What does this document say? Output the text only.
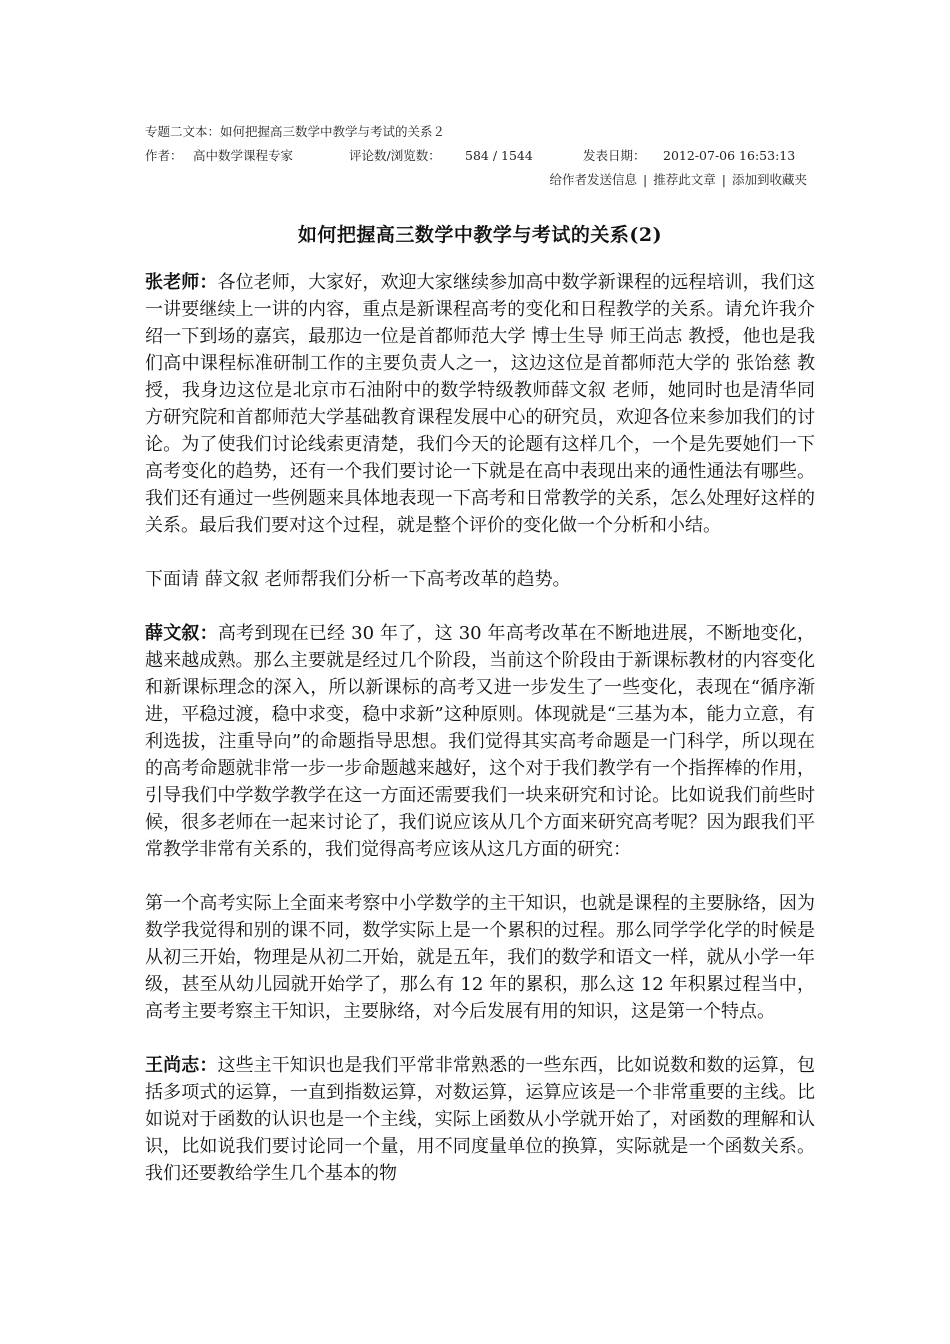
专题二文本：如何把握高三数学中教学与考试的关系２
作者： 高中数学课程专家	评论数/浏览数：	584 / 1544	发表日期：	2012-07-06 16:53:13
给作者发送信息 | 推荐此文章 | 添加到收藏夹
如何把握高三数学中教学与考试的关系(2)

张老师：各位老师，大家好，欢迎大家继续参加高中数学新课程的远程培训，我们这一讲要继续上一讲的内容，重点是新课程高考的变化和日程教学的关系。请允许我介绍一下到场的嘉宾，最那边一位是首都师范大学 博士生导 师王尚志 教授，他也是我们高中课程标准研制工作的主要负责人之一，这边这位是首都师范大学的 张饴慈 教授，我身边这位是北京市石油附中的数学特级教师薛文叙 老师，她同时也是清华同方研究院和首都师范大学基础教育课程发展中心的研究员，欢迎各位来参加我们的讨论。为了使我们讨论线索更清楚，我们今天的论题有这样几个，一个是先要她们一下高考变化的趋势，还有一个我们要讨论一下就是在高中表现出来的通性通法有哪些。我们还有通过一些例题来具体地表现一下高考和日常教学的关系，怎么处理好这样的关系。最后我们要对这个过程，就是整个评价的变化做一个分析和小结。

下面请 薛文叙 老师帮我们分析一下高考改革的趋势。

薛文叙：高考到现在已经 30 年了，这 30 年高考改革在不断地进展，不断地变化，越来越成熟。那么主要就是经过几个阶段，当前这个阶段由于新课标教材的内容变化和新课标理念的深入，所以新课标的高考又进一步发生了一些变化，表现在“循序渐进，平稳过渡，稳中求变，稳中求新”这种原则。体现就是“三基为本，能力立意，有利选拔，注重导向”的命题指导思想。我们觉得其实高考命题是一门科学，所以现在的高考命题就非常一步一步命题越来越好，这个对于我们教学有一个指挥棒的作用，引导我们中学数学教学在这一方面还需要我们一块来研究和讨论。比如说我们前些时候，很多老师在一起来讨论了，我们说应该从几个方面来研究高考呢？因为跟我们平常教学非常有关系的，我们觉得高考应该从这几方面的研究：

第一个高考实际上全面来考察中小学数学的主干知识，也就是课程的主要脉络，因为数学我觉得和别的课不同，数学实际上是一个累积的过程。那么同学学化学的时候是从初三开始，物理是从初二开始，就是五年，我们的数学和语文一样，就从小学一年级，甚至从幼儿园就开始学了，那么有 12 年的累积，那么这 12 年积累过程当中，高考主要考察主干知识，主要脉络，对今后发展有用的知识，这是第一个特点。

王尚志：这些主干知识也是我们平常非常熟悉的一些东西，比如说数和数的运算，包括多项式的运算，一直到指数运算，对数运算，运算应该是一个非常重要的主线。比如说对于函数的认识也是一个主线，实际上函数从小学就开始了，对函数的理解和认识，比如说我们要讨论同一个量，用不同度量单位的换算，实际就是一个函数关系。我们还要教给学生几个基本的物
